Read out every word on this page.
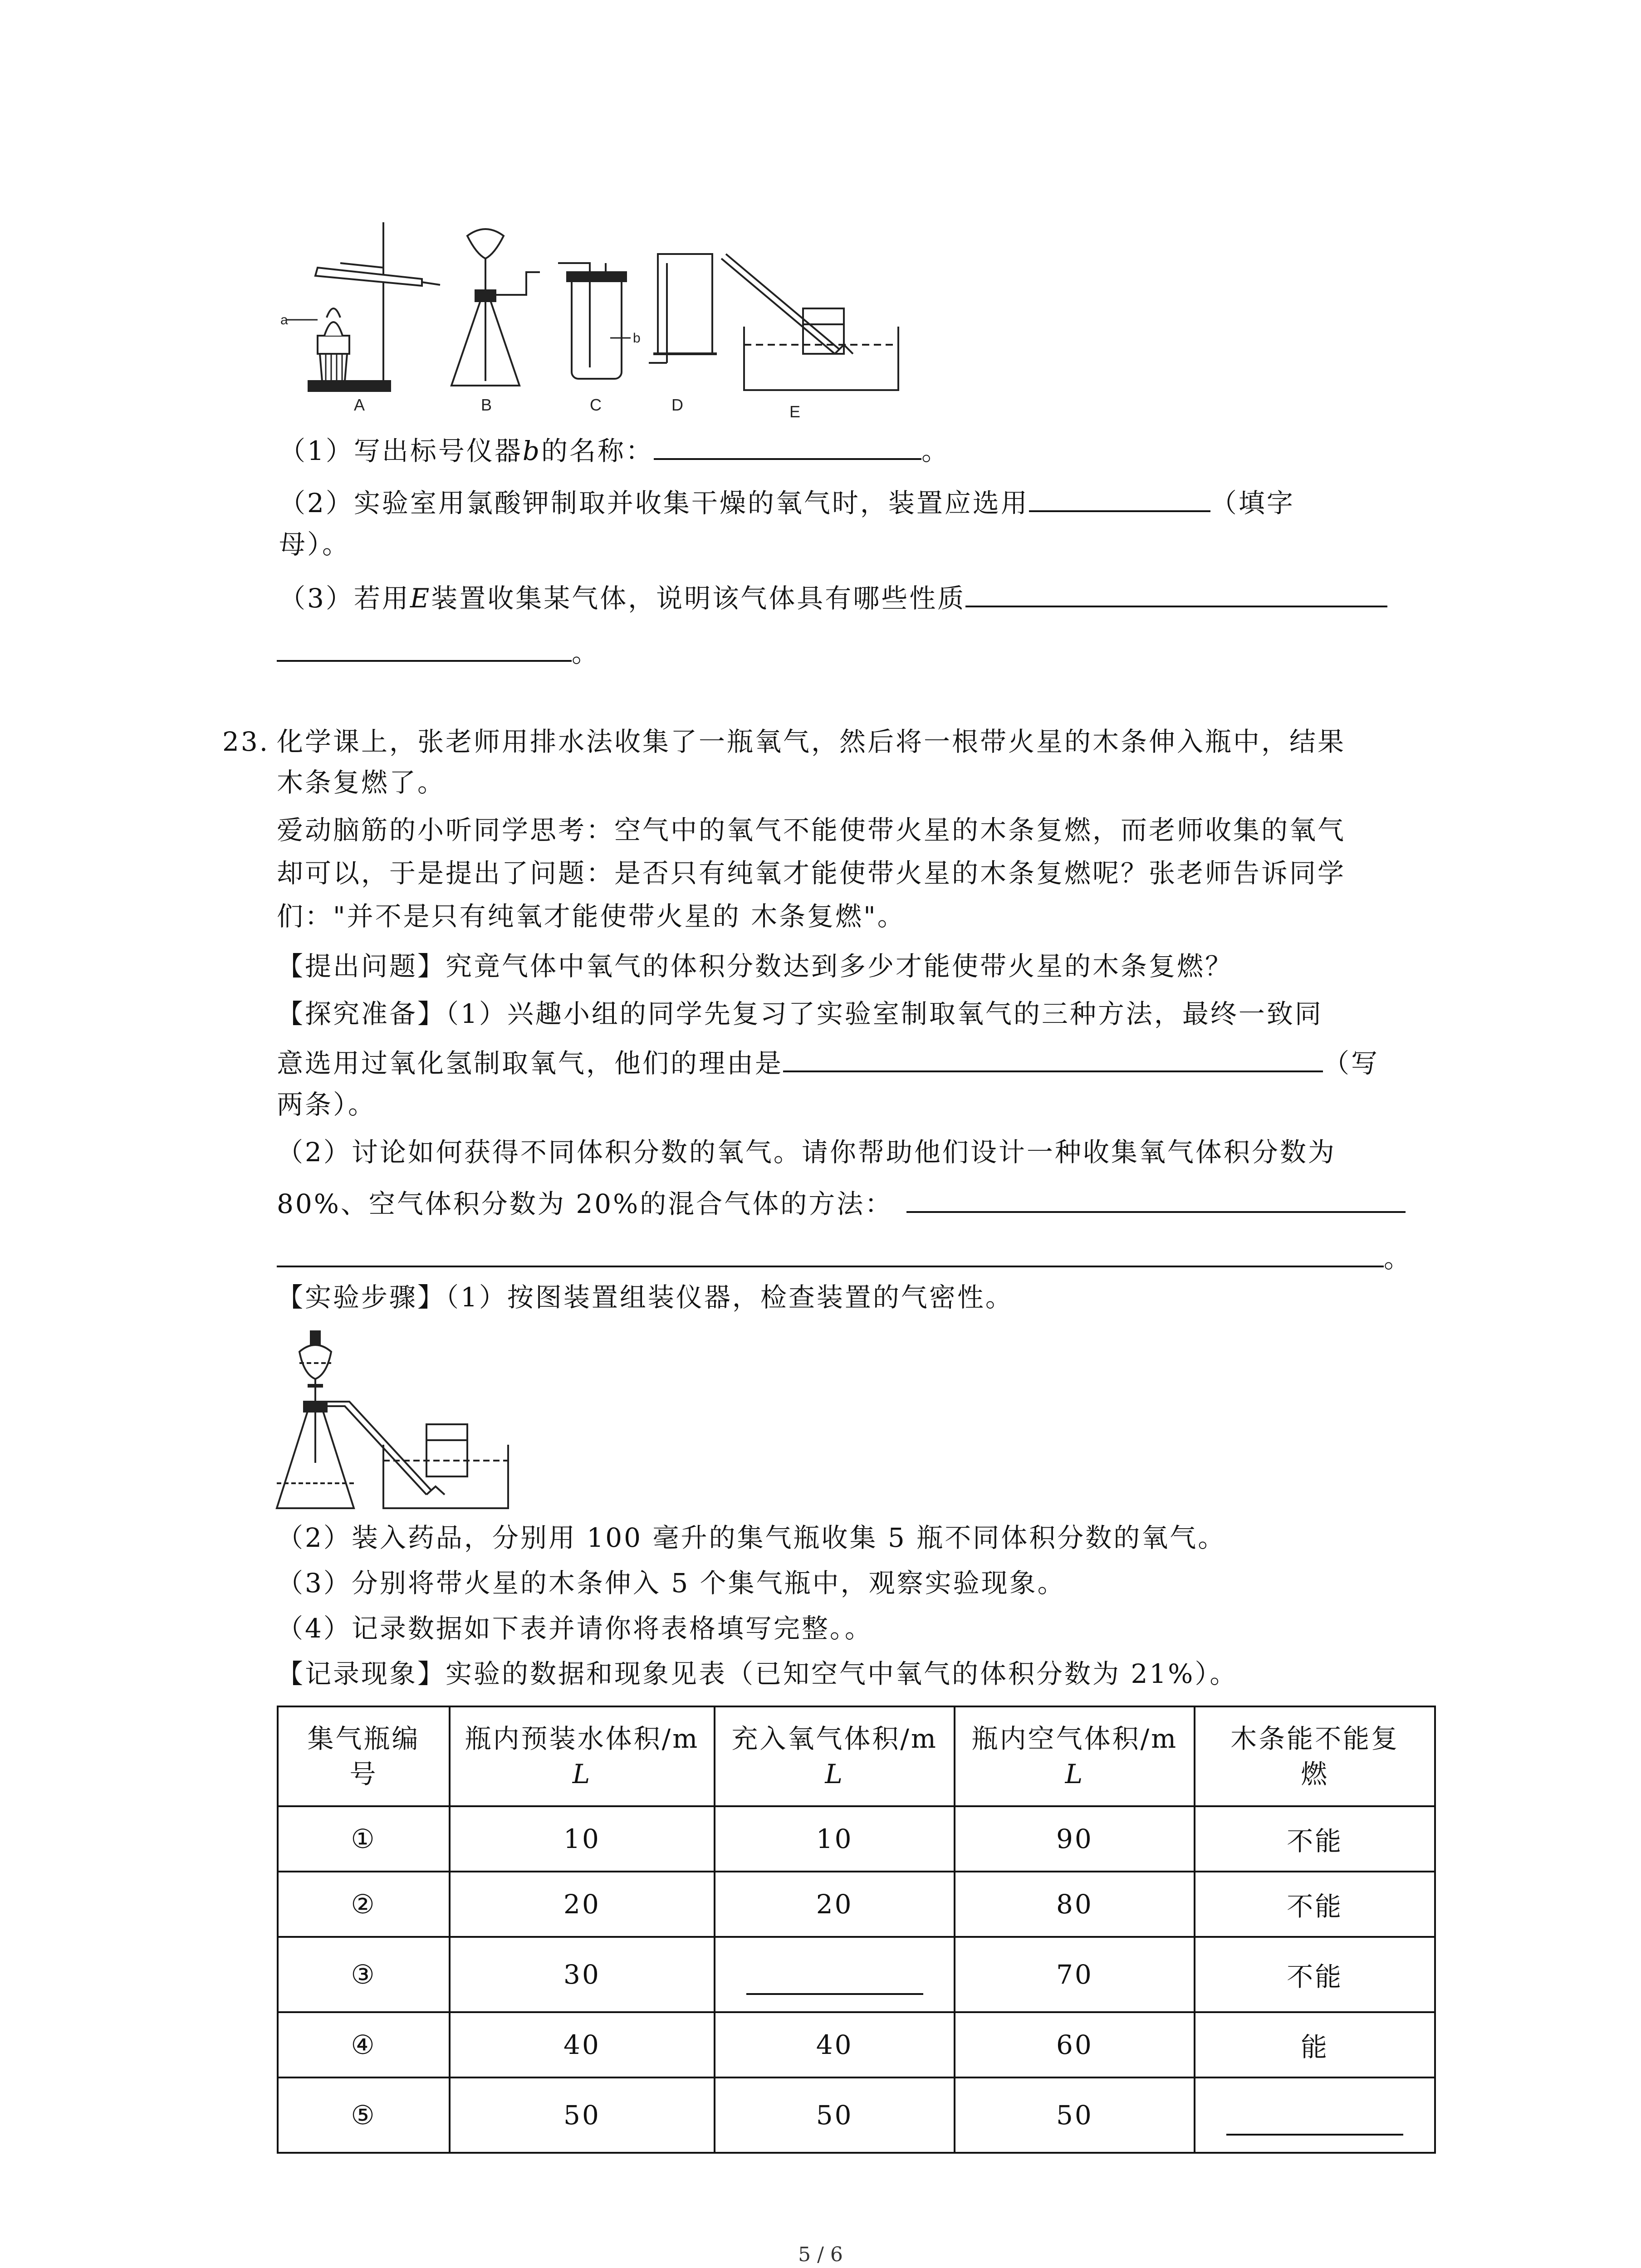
a
A	B
b
C	D	E
（1）写出标号仪器b的名称：	。
（2）实验室用氯酸钾制取并收集干燥的氧气时，装置应选用	（填字
母）。
（3）若用E装置收集某气体，说明该气体具有哪些性质
。
23. 化学课上，张老师用排水法收集了一瓶氧气，然后将一根带火星的木条伸入瓶中，结果
木条复燃了。
爱动脑筋的小听同学思考：空气中的氧气不能使带火星的木条复燃，而老师收集的氧气
却可以，于是提出了问题：是否只有纯氧才能使带火星的木条复燃呢？张老师告诉同学
们："并不是只有纯氧才能使带火星的 木条复燃"。
【提出问题】究竟气体中氧气的体积分数达到多少才能使带火星的木条复燃？
【探究准备】（1）兴趣小组的同学先复习了实验室制取氧气的三种方法，最终一致同
意选用过氧化氢制取氧气，他们的理由是	（写
两条）。
（2）讨论如何获得不同体积分数的氧气。请你帮助他们设计一种收集氧气体积分数为
80%、空气体积分数为 20%的混合气体的方法：
。
【实验步骤】（1）按图装置组装仪器，检查装置的气密性。
（2）装入药品，分别用 100 毫升的集气瓶收集 5 瓶不同体积分数的氧气。
（3）分别将带火星的木条伸入 5 个集气瓶中，观察实验现象。
（4）记录数据如下表并请你将表格填写完整。。
【记录现象】实验的数据和现象见表（已知空气中氧气的体积分数为 21%）。
集气瓶编
号	瓶内预装水体积/m
L	充入氧气体积/m
L	瓶内空气体积/m
L	木条能不能复
燃
①	10	10	90	不能
②	20	20	80	不能
③	30		70	不能
④	40	40	60	能
⑤	50	50	50	
5 / 6
